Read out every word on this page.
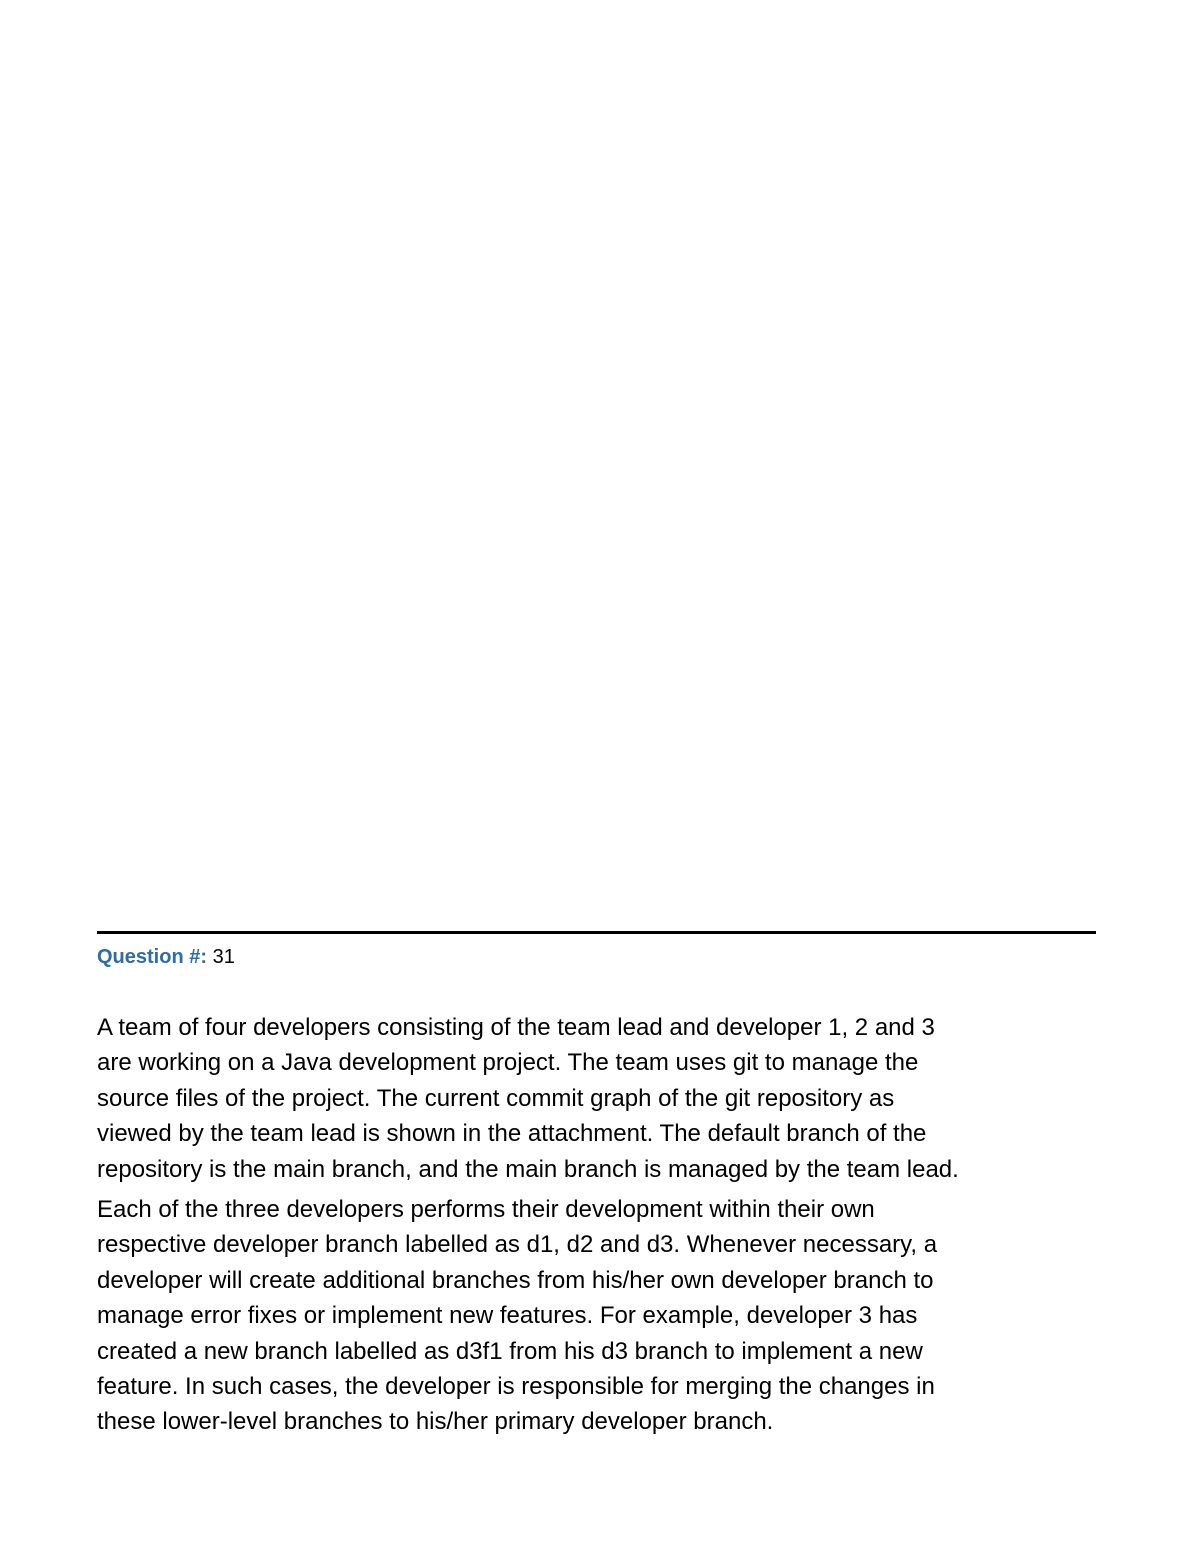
Question #: 31
A team of four developers consisting of the team lead and developer 1, 2 and 3
are working on a Java development project. The team uses git to manage the
source files of the project. The current commit graph of the git repository as
viewed by the team lead is shown in the attachment. The default branch of the
repository is the main branch, and the main branch is managed by the team lead.
Each of the three developers performs their development within their own
respective developer branch labelled as d1, d2 and d3. Whenever necessary, a
developer will create additional branches from his/her own developer branch to
manage error fixes or implement new features. For example, developer 3 has
created a new branch labelled as d3f1 from his d3 branch to implement a new
feature. In such cases, the developer is responsible for merging the changes in
these lower-level branches to his/her primary developer branch.
